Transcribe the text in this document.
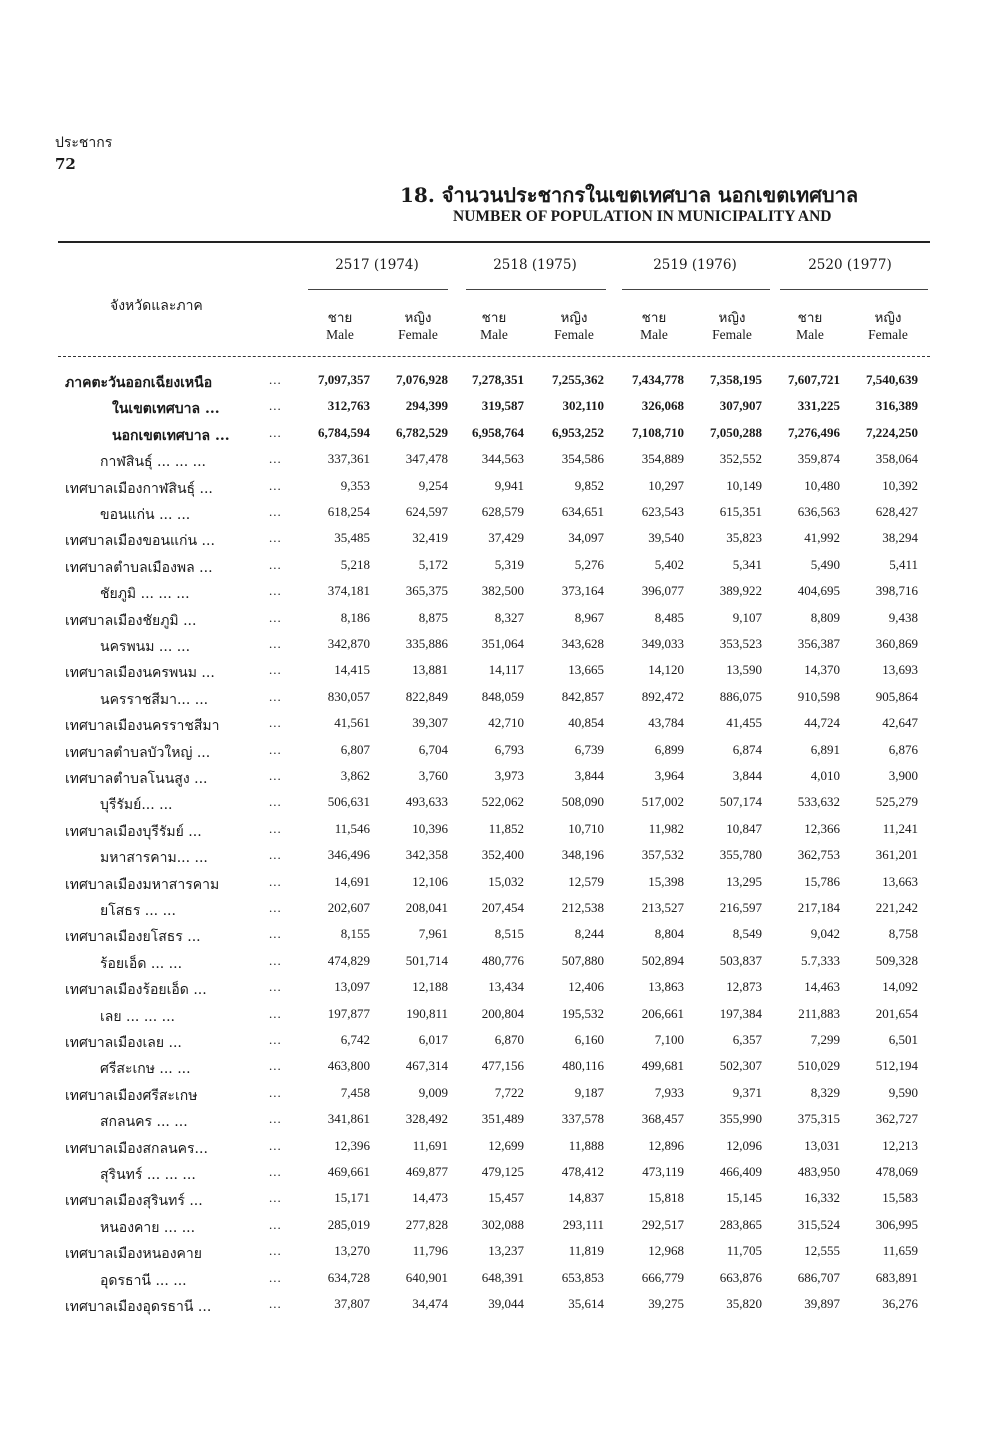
ประชากร
72
18. จำนวนประชากรในเขตเทศบาล นอกเขตเทศบาล
NUMBER OF POPULATION IN MUNICIPALITY AND
จังหวัดและภาค
2517 (1974)	2518 (1975)	2519 (1976)	2520 (1977)
ชาย
Male
หญิง
Female
ชาย
Male
หญิง
Female
ชาย
Male
หญิง
Female
ชาย
Male
หญิง
Female
ภาคตะวันออกเฉียงเหนือ	...	7,097,357	7,076,928	7,278,351	7,255,362	7,434,778	7,358,195	7,607,721	7,540,639
ในเขตเทศบาล ...	...	312,763	294,399	319,587	302,110	326,068	307,907	331,225	316,389
นอกเขตเทศบาล ...	...	6,784,594	6,782,529	6,958,764	6,953,252	7,108,710	7,050,288	7,276,496	7,224,250
กาฬสินธุ์ ... ... ...	...	337,361	347,478	344,563	354,586	354,889	352,552	359,874	358,064
เทศบาลเมืองกาฬสินธุ์ ...	...	9,353	9,254	9,941	9,852	10,297	10,149	10,480	10,392
ขอนแก่น ... ...	...	618,254	624,597	628,579	634,651	623,543	615,351	636,563	628,427
เทศบาลเมืองขอนแก่น ...	...	35,485	32,419	37,429	34,097	39,540	35,823	41,992	38,294
เทศบาลตำบลเมืองพล ...	...	5,218	5,172	5,319	5,276	5,402	5,341	5,490	5,411
ชัยภูมิ ... ... ...	...	374,181	365,375	382,500	373,164	396,077	389,922	404,695	398,716
เทศบาลเมืองชัยภูมิ ...	...	8,186	8,875	8,327	8,967	8,485	9,107	8,809	9,438
นครพนม ... ...	...	342,870	335,886	351,064	343,628	349,033	353,523	356,387	360,869
เทศบาลเมืองนครพนม ...	...	14,415	13,881	14,117	13,665	14,120	13,590	14,370	13,693
นครราชสีมา... ...	...	830,057	822,849	848,059	842,857	892,472	886,075	910,598	905,864
เทศบาลเมืองนครราชสีมา	...	41,561	39,307	42,710	40,854	43,784	41,455	44,724	42,647
เทศบาลตำบลบัวใหญ่ ...	...	6,807	6,704	6,793	6,739	6,899	6,874	6,891	6,876
เทศบาลตำบลโนนสูง ...	...	3,862	3,760	3,973	3,844	3,964	3,844	4,010	3,900
บุรีรัมย์... ...	...	506,631	493,633	522,062	508,090	517,002	507,174	533,632	525,279
เทศบาลเมืองบุรีรัมย์ ...	...	11,546	10,396	11,852	10,710	11,982	10,847	12,366	11,241
มหาสารคาม... ...	...	346,496	342,358	352,400	348,196	357,532	355,780	362,753	361,201
เทศบาลเมืองมหาสารคาม	...	14,691	12,106	15,032	12,579	15,398	13,295	15,786	13,663
ยโสธร ... ...	...	202,607	208,041	207,454	212,538	213,527	216,597	217,184	221,242
เทศบาลเมืองยโสธร ...	...	8,155	7,961	8,515	8,244	8,804	8,549	9,042	8,758
ร้อยเอ็ด ... ...	...	474,829	501,714	480,776	507,880	502,894	503,837	5.7,333	509,328
เทศบาลเมืองร้อยเอ็ด ...	...	13,097	12,188	13,434	12,406	13,863	12,873	14,463	14,092
เลย ... ... ...	...	197,877	190,811	200,804	195,532	206,661	197,384	211,883	201,654
เทศบาลเมืองเลย ...	...	6,742	6,017	6,870	6,160	7,100	6,357	7,299	6,501
ศรีสะเกษ ... ...	...	463,800	467,314	477,156	480,116	499,681	502,307	510,029	512,194
เทศบาลเมืองศรีสะเกษ	...	7,458	9,009	7,722	9,187	7,933	9,371	8,329	9,590
สกลนคร ... ...	...	341,861	328,492	351,489	337,578	368,457	355,990	375,315	362,727
เทศบาลเมืองสกลนคร...	...	12,396	11,691	12,699	11,888	12,896	12,096	13,031	12,213
สุรินทร์ ... ... ...	...	469,661	469,877	479,125	478,412	473,119	466,409	483,950	478,069
เทศบาลเมืองสุรินทร์ ...	...	15,171	14,473	15,457	14,837	15,818	15,145	16,332	15,583
หนองคาย ... ...	...	285,019	277,828	302,088	293,111	292,517	283,865	315,524	306,995
เทศบาลเมืองหนองคาย	...	13,270	11,796	13,237	11,819	12,968	11,705	12,555	11,659
อุดรธานี ... ...	...	634,728	640,901	648,391	653,853	666,779	663,876	686,707	683,891
เทศบาลเมืองอุดรธานี ...	...	37,807	34,474	39,044	35,614	39,275	35,820	39,897	36,276
